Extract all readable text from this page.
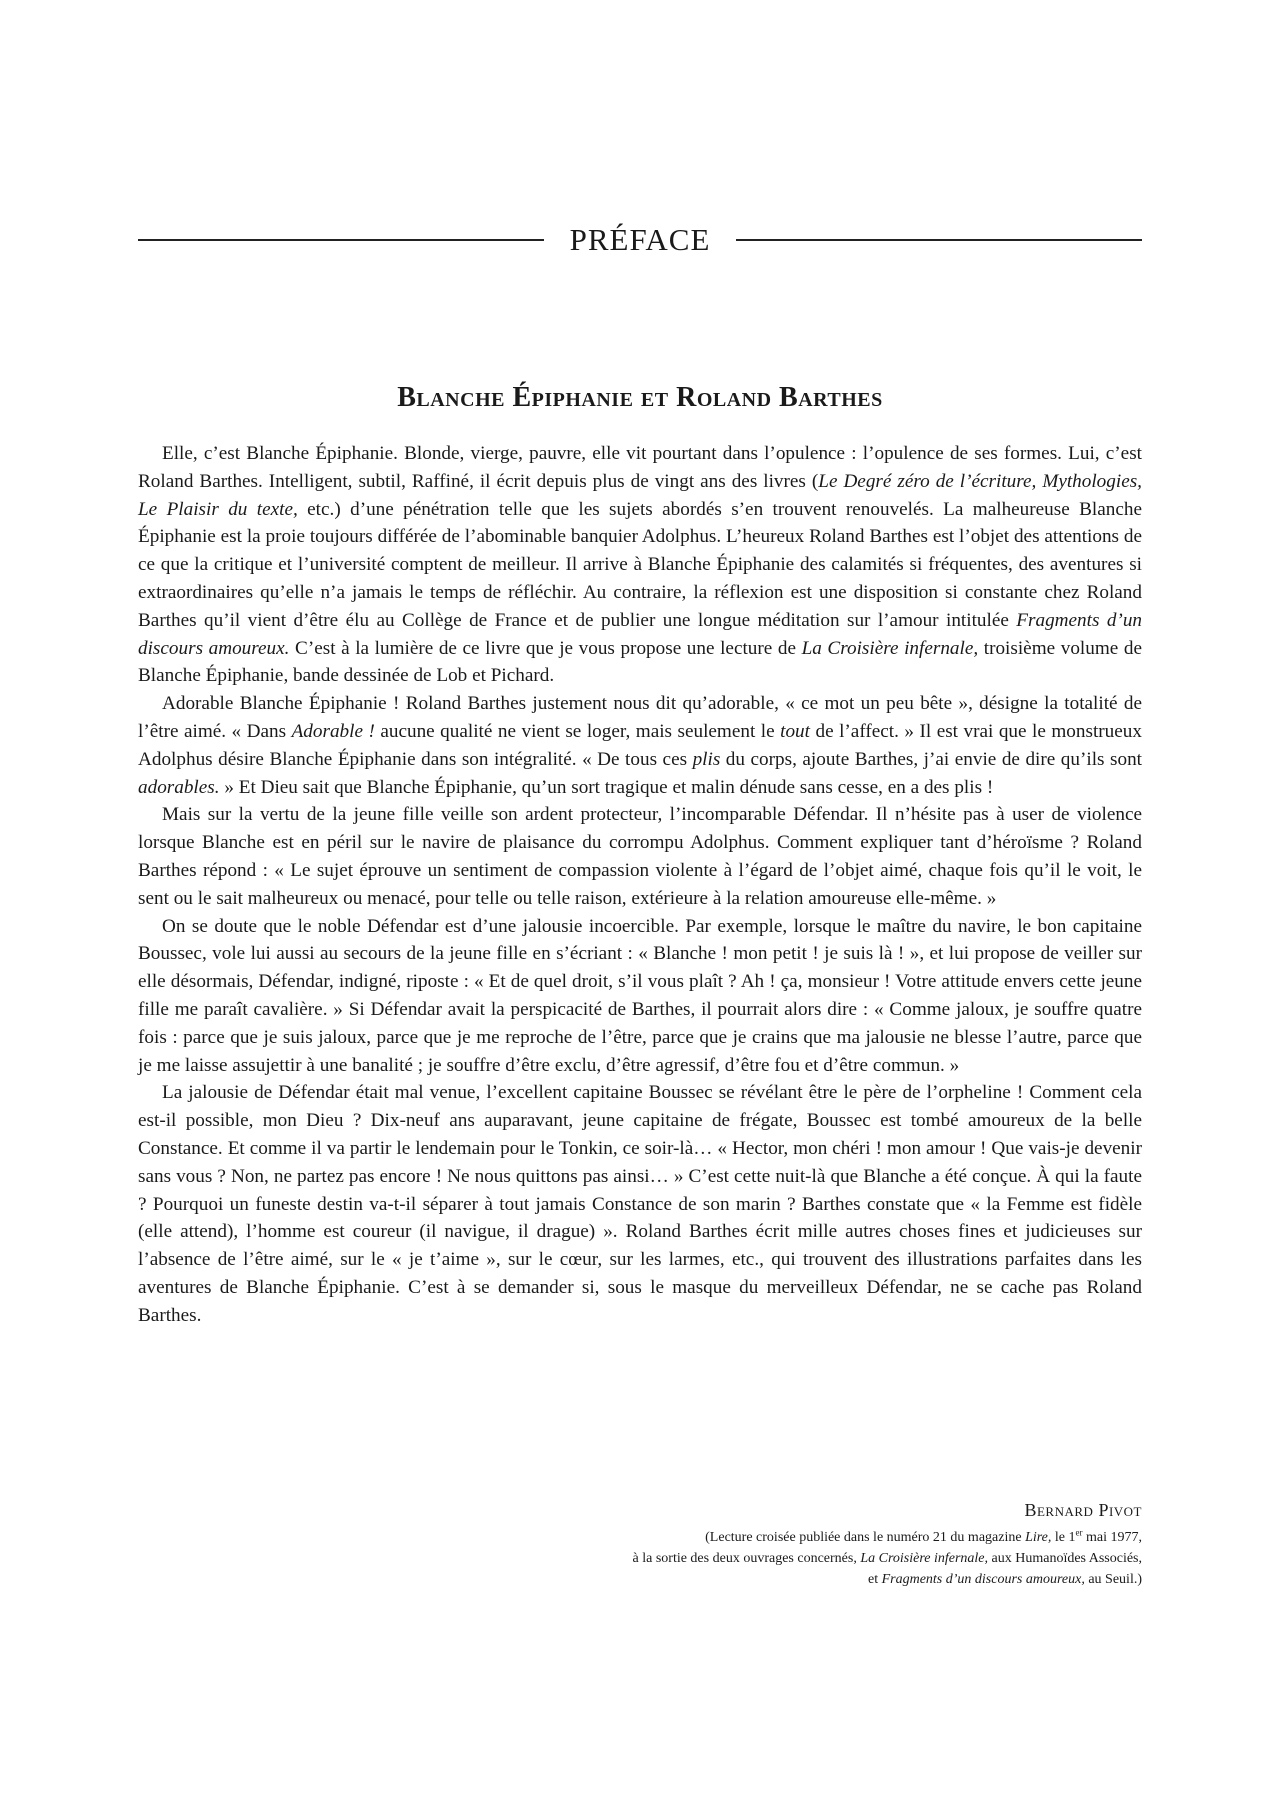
PRÉFACE
Blanche Épiphanie et Roland Barthes

Elle, c’est Blanche Épiphanie. Blonde, vierge, pauvre, elle vit pourtant dans l’opulence : l’opulence de ses formes. Lui, c’est Roland Barthes. Intelligent, subtil, Raffiné, il écrit depuis plus de vingt ans des livres (Le Degré zéro de l’écriture, Mythologies, Le Plaisir du texte, etc.) d’une pénétration telle que les sujets abordés s’en trouvent renouvelés. La malheureuse Blanche Épiphanie est la proie toujours différée de l’abominable banquier Adolphus. L’heureux Roland Barthes est l’objet des attentions de ce que la critique et l’université comptent de meilleur. Il arrive à Blanche Épiphanie des calamités si fréquentes, des aventures si extraordinaires qu’elle n’a jamais le temps de réfléchir. Au contraire, la réflexion est une disposition si constante chez Roland Barthes qu’il vient d’être élu au Collège de France et de publier une longue méditation sur l’amour intitulée Fragments d’un discours amoureux. C’est à la lumière de ce livre que je vous propose une lecture de La Croisière infernale, troisième volume de Blanche Épiphanie, bande dessinée de Lob et Pichard.

Adorable Blanche Épiphanie ! Roland Barthes justement nous dit qu’adorable, « ce mot un peu bête », désigne la totalité de l’être aimé. « Dans Adorable ! aucune qualité ne vient se loger, mais seulement le tout de l’affect. » Il est vrai que le monstrueux Adolphus désire Blanche Épiphanie dans son intégralité. « De tous ces plis du corps, ajoute Barthes, j’ai envie de dire qu’ils sont adorables. » Et Dieu sait que Blanche Épiphanie, qu’un sort tragique et malin dénude sans cesse, en a des plis !

Mais sur la vertu de la jeune fille veille son ardent protecteur, l’incomparable Défendar. Il n’hésite pas à user de violence lorsque Blanche est en péril sur le navire de plaisance du corrompu Adolphus. Comment expliquer tant d’héroïsme ? Roland Barthes répond : « Le sujet éprouve un sentiment de compassion violente à l’égard de l’objet aimé, chaque fois qu’il le voit, le sent ou le sait malheureux ou menacé, pour telle ou telle raison, extérieure à la relation amoureuse elle-même. »

On se doute que le noble Défendar est d’une jalousie incoercible. Par exemple, lorsque le maître du navire, le bon capitaine Boussec, vole lui aussi au secours de la jeune fille en s’écriant : « Blanche ! mon petit ! je suis là ! », et lui propose de veiller sur elle désormais, Défendar, indigné, riposte : « Et de quel droit, s’il vous plaît ? Ah ! ça, monsieur ! Votre attitude envers cette jeune fille me paraît cavalière. » Si Défendar avait la perspicacité de Barthes, il pourrait alors dire : « Comme jaloux, je souffre quatre fois : parce que je suis jaloux, parce que je me reproche de l’être, parce que je crains que ma jalousie ne blesse l’autre, parce que je me laisse assujettir à une banalité ; je souffre d’être exclu, d’être agressif, d’être fou et d’être commun. »

La jalousie de Défendar était mal venue, l’excellent capitaine Boussec se révélant être le père de l’orpheline ! Comment cela est-il possible, mon Dieu ? Dix-neuf ans auparavant, jeune capitaine de frégate, Boussec est tombé amoureux de la belle Constance. Et comme il va partir le lendemain pour le Tonkin, ce soir-là… « Hector, mon chéri ! mon amour ! Que vais-je devenir sans vous ? Non, ne partez pas encore ! Ne nous quittons pas ainsi… » C’est cette nuit-là que Blanche a été conçue. À qui la faute ? Pourquoi un funeste destin va-t-il séparer à tout jamais Constance de son marin ? Barthes constate que « la Femme est fidèle (elle attend), l’homme est coureur (il navigue, il drague) ». Roland Barthes écrit mille autres choses fines et judicieuses sur l’absence de l’être aimé, sur le « je t’aime », sur le cœur, sur les larmes, etc., qui trouvent des illustrations parfaites dans les aventures de Blanche Épiphanie. C’est à se demander si, sous le masque du merveilleux Défendar, ne se cache pas Roland Barthes.

Bernard Pivot
(Lecture croisée publiée dans le numéro 21 du magazine Lire, le 1er mai 1977,
à la sortie des deux ouvrages concernés, La Croisière infernale, aux Humanoïdes Associés,
et Fragments d’un discours amoureux, au Seuil.)
